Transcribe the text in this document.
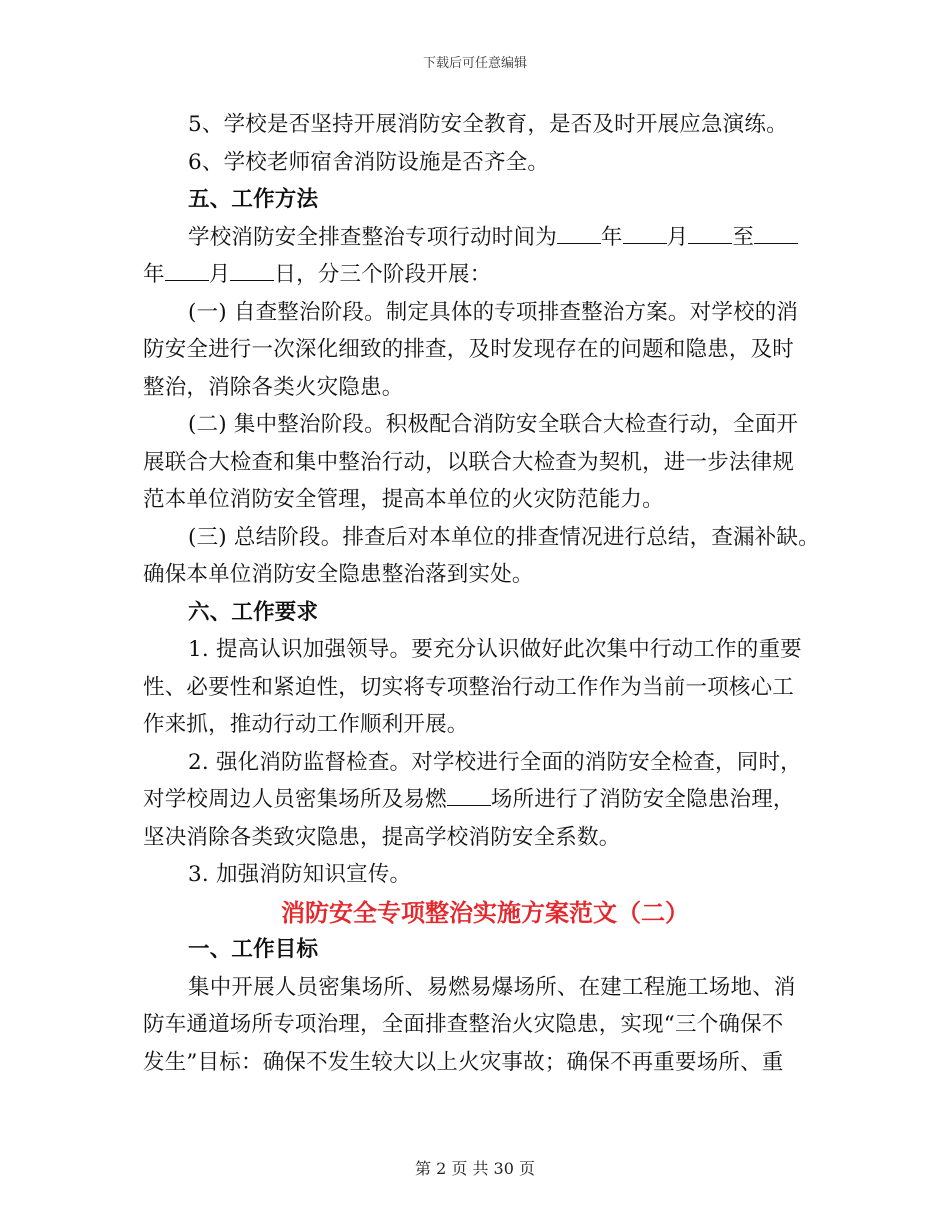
下载后可任意编辑
5、学校是否坚持开展消防安全教育，是否及时开展应急演练。
6、学校老师宿舍消防设施是否齐全。
五、工作方法
学校消防安全排查整治专项行动时间为 年 月 至
年 月 日，分三个阶段开展：
(一) 自查整治阶段。制定具体的专项排查整治方案。对学校的消
防安全进行一次深化细致的排查，及时发现存在的问题和隐患，及时
整治，消除各类火灾隐患。
(二) 集中整治阶段。积极配合消防安全联合大检查行动，全面开
展联合大检查和集中整治行动，以联合大检查为契机，进一步法律规
范本单位消防安全管理，提高本单位的火灾防范能力。
(三) 总结阶段。排查后对本单位的排查情况进行总结，查漏补缺。
确保本单位消防安全隐患整治落到实处。
六、工作要求
1. 提高认识加强领导。要充分认识做好此次集中行动工作的重要
性、必要性和紧迫性，切实将专项整治行动工作作为当前一项核心工
作来抓，推动行动工作顺利开展。
2. 强化消防监督检查。对学校进行全面的消防安全检查，同时，
对学校周边人员密集场所及易燃 场所进行了消防安全隐患治理，
坚决消除各类致灾隐患，提高学校消防安全系数。
3. 加强消防知识宣传。
消防安全专项整治实施方案范文（二）
一、工作目标
集中开展人员密集场所、易燃易爆场所、在建工程施工场地、消
防车通道场所专项治理，全面排查整治火灾隐患，实现“三个确保不
发生”目标：确保不发生较大以上火灾事故；确保不再重要场所、重
第 2 页 共 30 页
